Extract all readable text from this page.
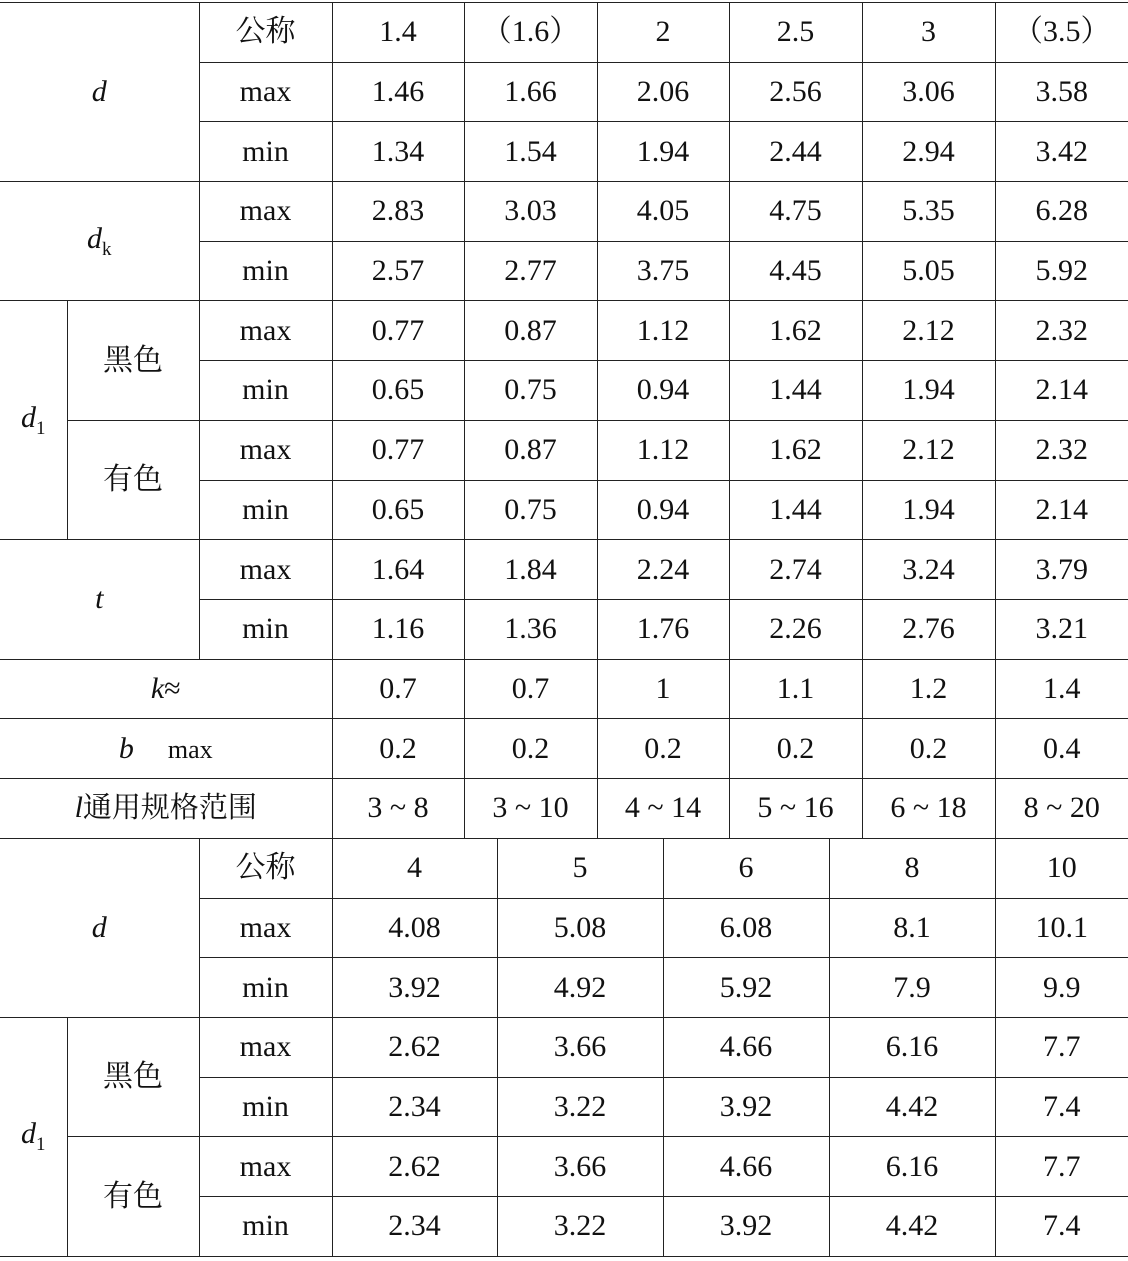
d		公称	1.4	（1.6）	2	2.5	3	（3.5）
		max	1.46	1.66	2.06	2.56	3.06	3.58
		min	1.34	1.54	1.94	2.44	2.94	3.42
$d_k$		max	2.83	3.03	4.05	4.75	5.35	6.28
		min	2.57	2.77	3.75	4.45	5.05	5.92
$d_1$	黑色	max	0.77	0.87	1.12	1.62	2.12	2.32
		min	0.65	0.75	0.94	1.44	1.94	2.14
	有色	max	0.77	0.87	1.12	1.62	2.12	2.32
		min	0.65	0.75	0.94	1.44	1.94	2.14
t		max	1.64	1.84	2.24	2.74	3.24	3.79
		min	1.16	1.36	1.76	2.26	2.76	3.21
k≈			0.7	0.7	1	1.1	1.2	1.4
b max			0.2	0.2	0.2	0.2	0.2	0.4
l通用规格范围			3 ~ 8	3 ~ 10	4 ~ 14	5 ~ 16	6 ~ 18	8 ~ 20
d		公称	4	5	6	8	10
		max	4.08	5.08	6.08	8.1	10.1
		min	3.92	4.92	5.92	7.9	9.9
$d_1$	黑色	max	2.62	3.66	4.66	6.16	7.7
		min	2.34	3.22	3.92	4.42	7.4
	有色	max	2.62	3.66	4.66	6.16	7.7
		min	2.34	3.22	3.92	4.42	7.4
